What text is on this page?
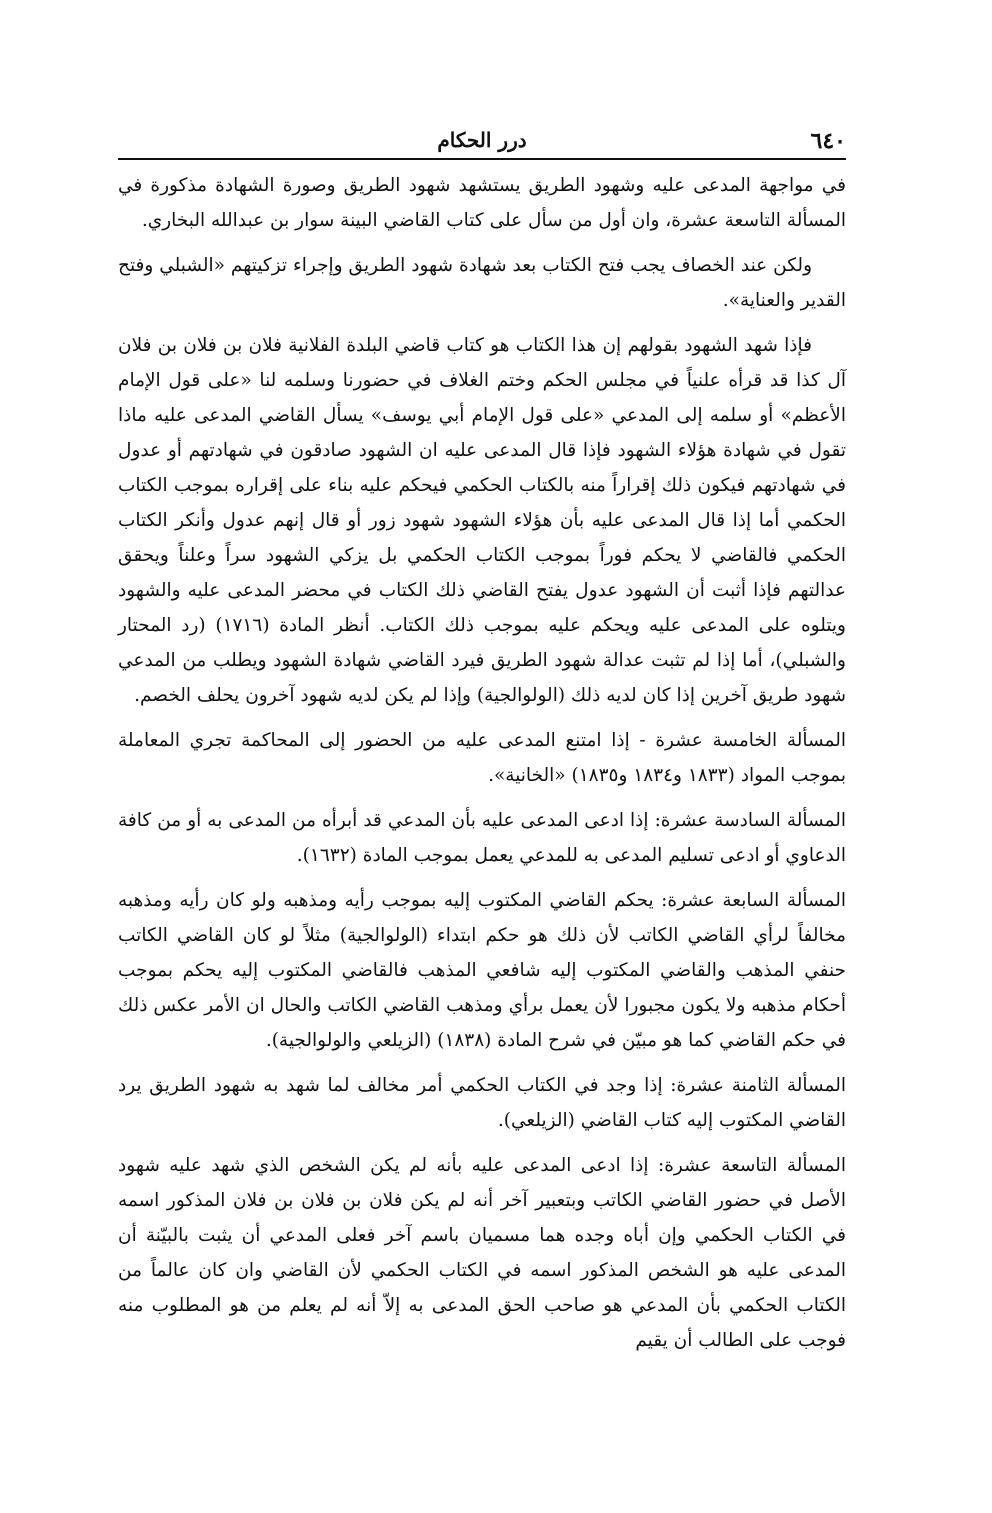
٦٤٠
درر الحكام

في مواجهة المدعى عليه وشهود الطريق يستشهد شهود الطريق وصورة الشهادة مذكورة في المسألة التاسعة عشرة، وان أول من سأل على كتاب القاضي البينة سوار بن عبدالله البخاري.

ولكن عند الخصاف يجب فتح الكتاب بعد شهادة شهود الطريق وإجراء تزكيتهم «الشبلي وفتح القدير والعناية».

فإذا شهد الشهود بقولهم إن هذا الكتاب هو كتاب قاضي البلدة الفلانية فلان بن فلان بن فلان آل كذا قد قرأه علنياً في مجلس الحكم وختم الغلاف في حضورنا وسلمه لنا «على قول الإمام الأعظم» أو سلمه إلى المدعي «على قول الإمام أبي يوسف» يسأل القاضي المدعى عليه ماذا تقول في شهادة هؤلاء الشهود فإذا قال المدعى عليه ان الشهود صادقون في شهادتهم أو عدول في شهادتهم فيكون ذلك إقراراً منه بالكتاب الحكمي فيحكم عليه بناء على إقراره بموجب الكتاب الحكمي أما إذا قال المدعى عليه بأن هؤلاء الشهود شهود زور أو قال إنهم عدول وأنكر الكتاب الحكمي فالقاضي لا يحكم فوراً بموجب الكتاب الحكمي بل يزكي الشهود سراً وعلناً ويحقق عدالتهم فإذا أثبت أن الشهود عدول يفتح القاضي ذلك الكتاب في محضر المدعى عليه والشهود ويتلوه على المدعى عليه ويحكم عليه بموجب ذلك الكتاب. أنظر المادة (١٧١٦) (رد المحتار والشبلي)، أما إذا لم تثبت عدالة شهود الطريق فيرد القاضي شهادة الشهود ويطلب من المدعي شهود طريق آخرين إذا كان لديه ذلك (الولوالجية) وإذا لم يكن لديه شهود آخرون يحلف الخصم.

المسألة الخامسة عشرة - إذا امتنع المدعى عليه من الحضور إلى المحاكمة تجري المعاملة بموجب المواد (١٨٣٣ و١٨٣٤ و١٨٣٥) «الخانية».

المسألة السادسة عشرة: إذا ادعى المدعى عليه بأن المدعي قد أبرأه من المدعى به أو من كافة الدعاوي أو ادعى تسليم المدعى به للمدعي يعمل بموجب المادة (١٦٣٢).

المسألة السابعة عشرة: يحكم القاضي المكتوب إليه بموجب رأيه ومذهبه ولو كان رأيه ومذهبه مخالفاً لرأي القاضي الكاتب لأن ذلك هو حكم ابتداء (الولوالجية) مثلاً لو كان القاضي الكاتب حنفي المذهب والقاضي المكتوب إليه شافعي المذهب فالقاضي المكتوب إليه يحكم بموجب أحكام مذهبه ولا يكون مجبورا لأن يعمل برأي ومذهب القاضي الكاتب والحال ان الأمر عكس ذلك في حكم القاضي كما هو مبيّن في شرح المادة (١٨٣٨) (الزيلعي والولوالجية).

المسألة الثامنة عشرة: إذا وجد في الكتاب الحكمي أمر مخالف لما شهد به شهود الطريق يرد القاضي المكتوب إليه كتاب القاضي (الزيلعي).

المسألة التاسعة عشرة: إذا ادعى المدعى عليه بأنه لم يكن الشخص الذي شهد عليه شهود الأصل في حضور القاضي الكاتب وبتعبير آخر أنه لم يكن فلان بن فلان بن فلان المذكور اسمه في الكتاب الحكمي وإن أباه وجده هما مسميان باسم آخر فعلى المدعي أن يثبت بالبيّنة أن المدعى عليه هو الشخص المذكور اسمه في الكتاب الحكمي لأن القاضي وان كان عالماً من الكتاب الحكمي بأن المدعي هو صاحب الحق المدعى به إلاّ أنه لم يعلم من هو المطلوب منه فوجب على الطالب أن يقيم
